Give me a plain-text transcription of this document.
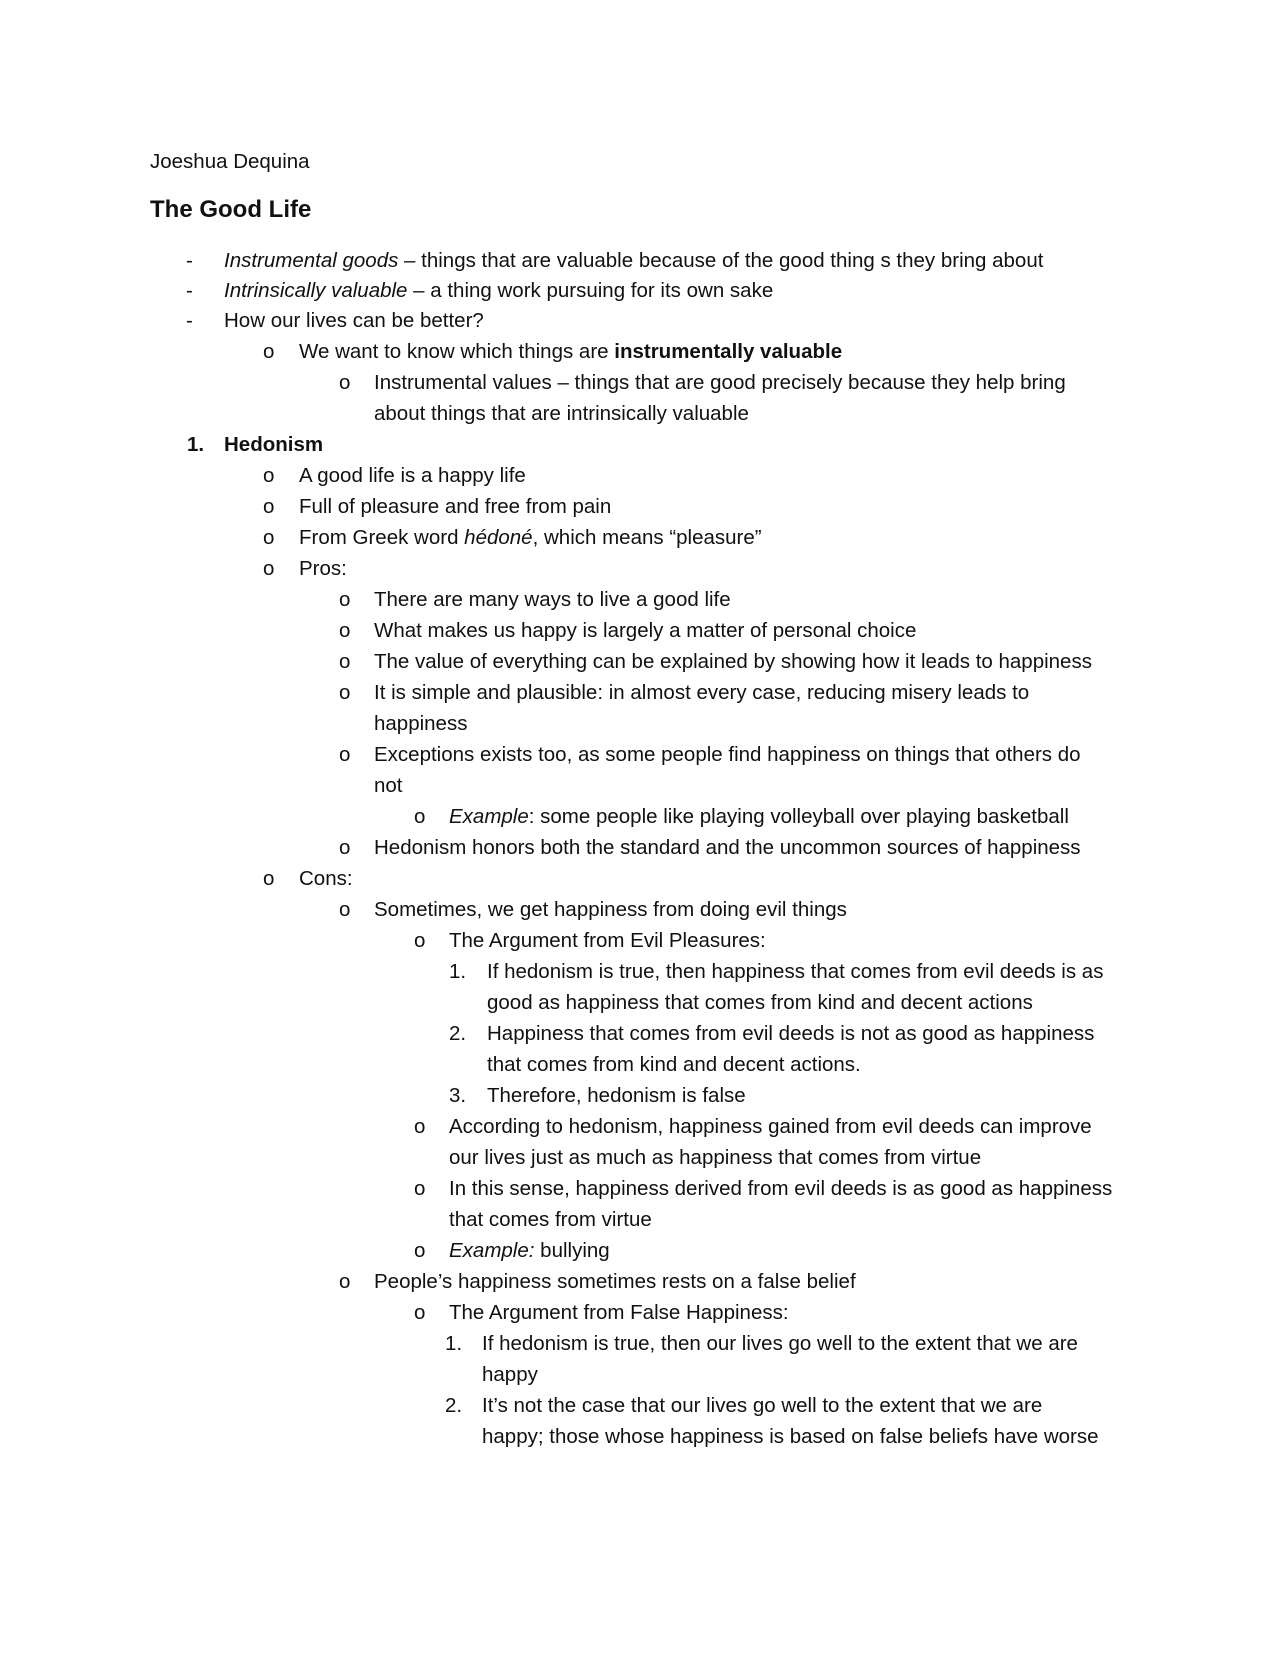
Joeshua Dequina
The Good Life
- Instrumental goods – things that are valuable because of the good thing s they bring about
- Intrinsically valuable – a thing work pursuing for its own sake
- How our lives can be better?
o We want to know which things are instrumentally valuable
o Instrumental values – things that are good precisely because they help bring
about things that are intrinsically valuable
1. Hedonism
o A good life is a happy life
o Full of pleasure and free from pain
o From Greek word hédoné, which means “pleasure”
o Pros:
o There are many ways to live a good life
o What makes us happy is largely a matter of personal choice
o The value of everything can be explained by showing how it leads to happiness
o It is simple and plausible: in almost every case, reducing misery leads to
happiness
o Exceptions exists too, as some people find happiness on things that others do
not
o Example: some people like playing volleyball over playing basketball
o Hedonism honors both the standard and the uncommon sources of happiness
o Cons:
o Sometimes, we get happiness from doing evil things
o The Argument from Evil Pleasures:
1. If hedonism is true, then happiness that comes from evil deeds is as
good as happiness that comes from kind and decent actions
2. Happiness that comes from evil deeds is not as good as happiness
that comes from kind and decent actions.
3. Therefore, hedonism is false
o According to hedonism, happiness gained from evil deeds can improve
our lives just as much as happiness that comes from virtue
o In this sense, happiness derived from evil deeds is as good as happiness
that comes from virtue
o Example: bullying
o People’s happiness sometimes rests on a false belief
o The Argument from False Happiness:
1. If hedonism is true, then our lives go well to the extent that we are
happy
2. It’s not the case that our lives go well to the extent that we are
happy; those whose happiness is based on false beliefs have worse
